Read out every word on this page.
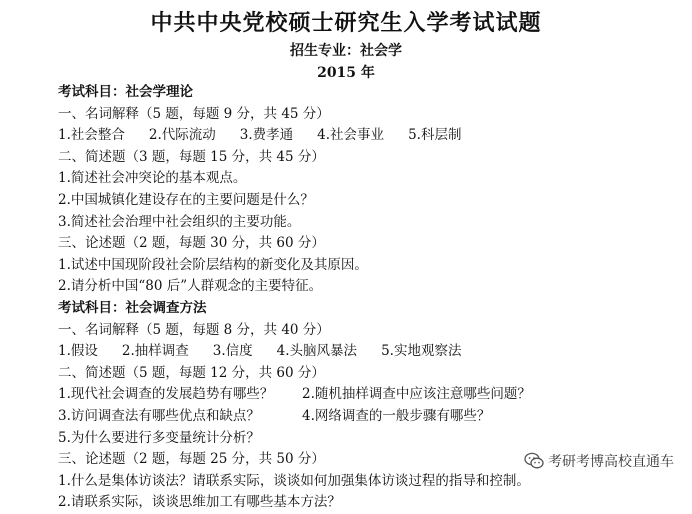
中共中央党校硕士研究生入学考试试题
招生专业：社会学
2015 年
考试科目：社会学理论
一、名词解释（5 题，每题 9 分，共 45 分）
1.社会整合 2.代际流动 3.费孝通 4.社会事业 5.科层制
二、简述题（3 题，每题 15 分，共 45 分）
1.简述社会冲突论的基本观点。
2.中国城镇化建设存在的主要问题是什么？
3.简述社会治理中社会组织的主要功能。
三、论述题（2 题，每题 30 分，共 60 分）
1.试述中国现阶段社会阶层结构的新变化及其原因。
2.请分析中国“80 后”人群观念的主要特征。
考试科目：社会调查方法
一、名词解释（5 题，每题 8 分，共 40 分）
1.假设 2.抽样调查 3.信度 4.头脑风暴法 5.实地观察法
二、简述题（5 题，每题 12 分，共 60 分）
1.现代社会调查的发展趋势有哪些？ 2.随机抽样调查中应该注意哪些问题？
3.访问调查法有哪些优点和缺点？	4.网络调查的一般步骤有哪些？
5.为什么要进行多变量统计分析？
三、论述题（2 题，每题 25 分，共 50 分）
1.什么是集体访谈法？请联系实际，谈谈如何加强集体访谈过程的指导和控制。
2.请联系实际，谈谈思维加工有哪些基本方法？
考研考博高校直通车
